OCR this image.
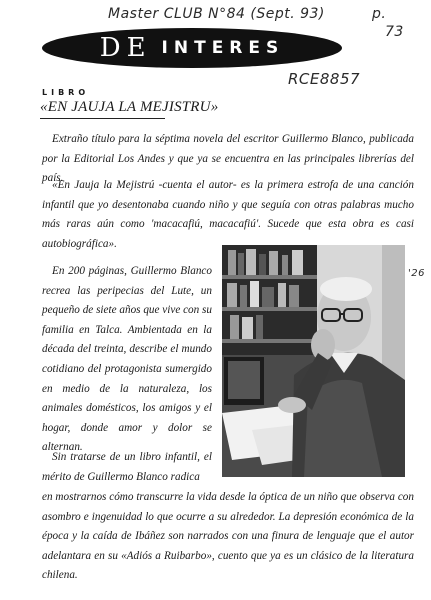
Master CLUB N°84 (Sept. 93)	p.
73
RCE8857
'26
DE INTERES
LIBRO
«EN JAUJA LA MEJISTRU»

Extraño título para la séptima novela del escritor Guillermo Blanco, publicada por la Editorial Los Andes y que ya se encuentra en las principales librerías del país.

«En Jauja la Mejistrú -cuenta el autor- es la primera estrofa de una canción infantil que yo desentonaba cuando niño y que seguía con otras palabras mucho más raras aún como 'macacafiú, macacafiú'. Sucede que esta obra es casi autobiográfica».

En 200 páginas, Guillermo Blanco recrea las peripecias del Lute, un pequeño de siete años que vive con su familia en Talca. Ambientada en la década del treinta, describe el mundo cotidiano del protagonista sumergido en medio de la naturaleza, los animales domésticos, los amigos y el hogar, donde amor y dolor se alternan.

Sin tratarse de un libro infantil, el mérito de Guillermo Blanco radica

en mostrarnos cómo transcurre la vida desde la óptica de un niño que observa con asombro e ingenuidad lo que ocurre a su alrededor. La depresión económica de la época y la caída de Ibáñez son narrados con una finura de lenguaje que el autor adelantara en su «Adiós a Ruibarbo», cuento que ya es un clásico de la literatura chilena.
